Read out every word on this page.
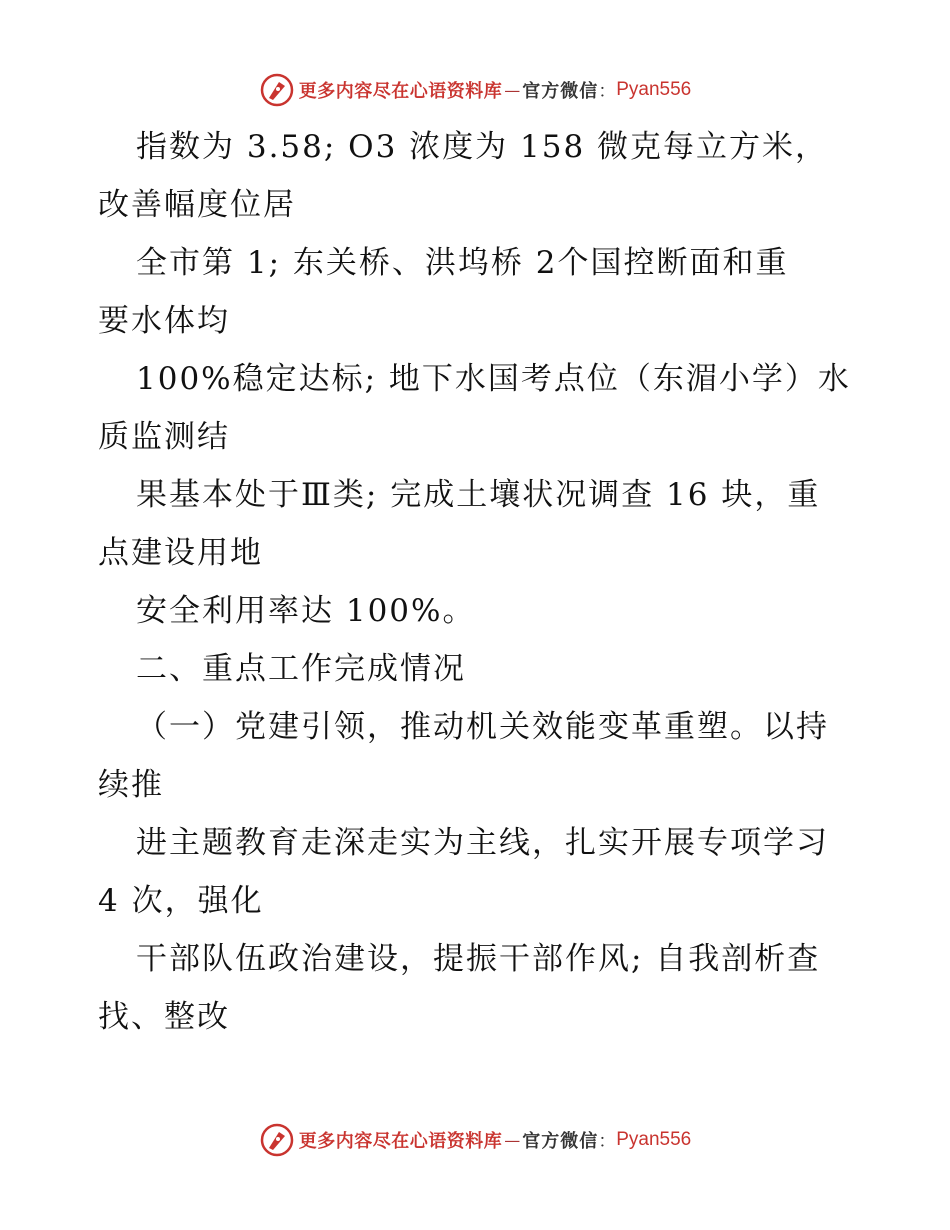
更多内容尽在心语资料库 — 官方微信 ： Pyan556
指数为 3.58; O3 浓度为 158 微克每立方米，
改善幅度位居
全市第 1; 东关桥、洪坞桥 2个国控断面和重
要水体均
100%稳定达标; 地下水国考点位（东湄小学）水
质监测结
果基本处于Ⅲ类; 完成土壤状况调查 16 块，重
点建设用地
安全利用率达 100%。
二、重点工作完成情况
（一）党建引领，推动机关效能变革重塑。以持
续推
进主题教育走深走实为主线，扎实开展专项学习
4 次，强化
干部队伍政治建设，提振干部作风; 自我剖析查
找、整改
更多内容尽在心语资料库 — 官方微信 ： Pyan556
